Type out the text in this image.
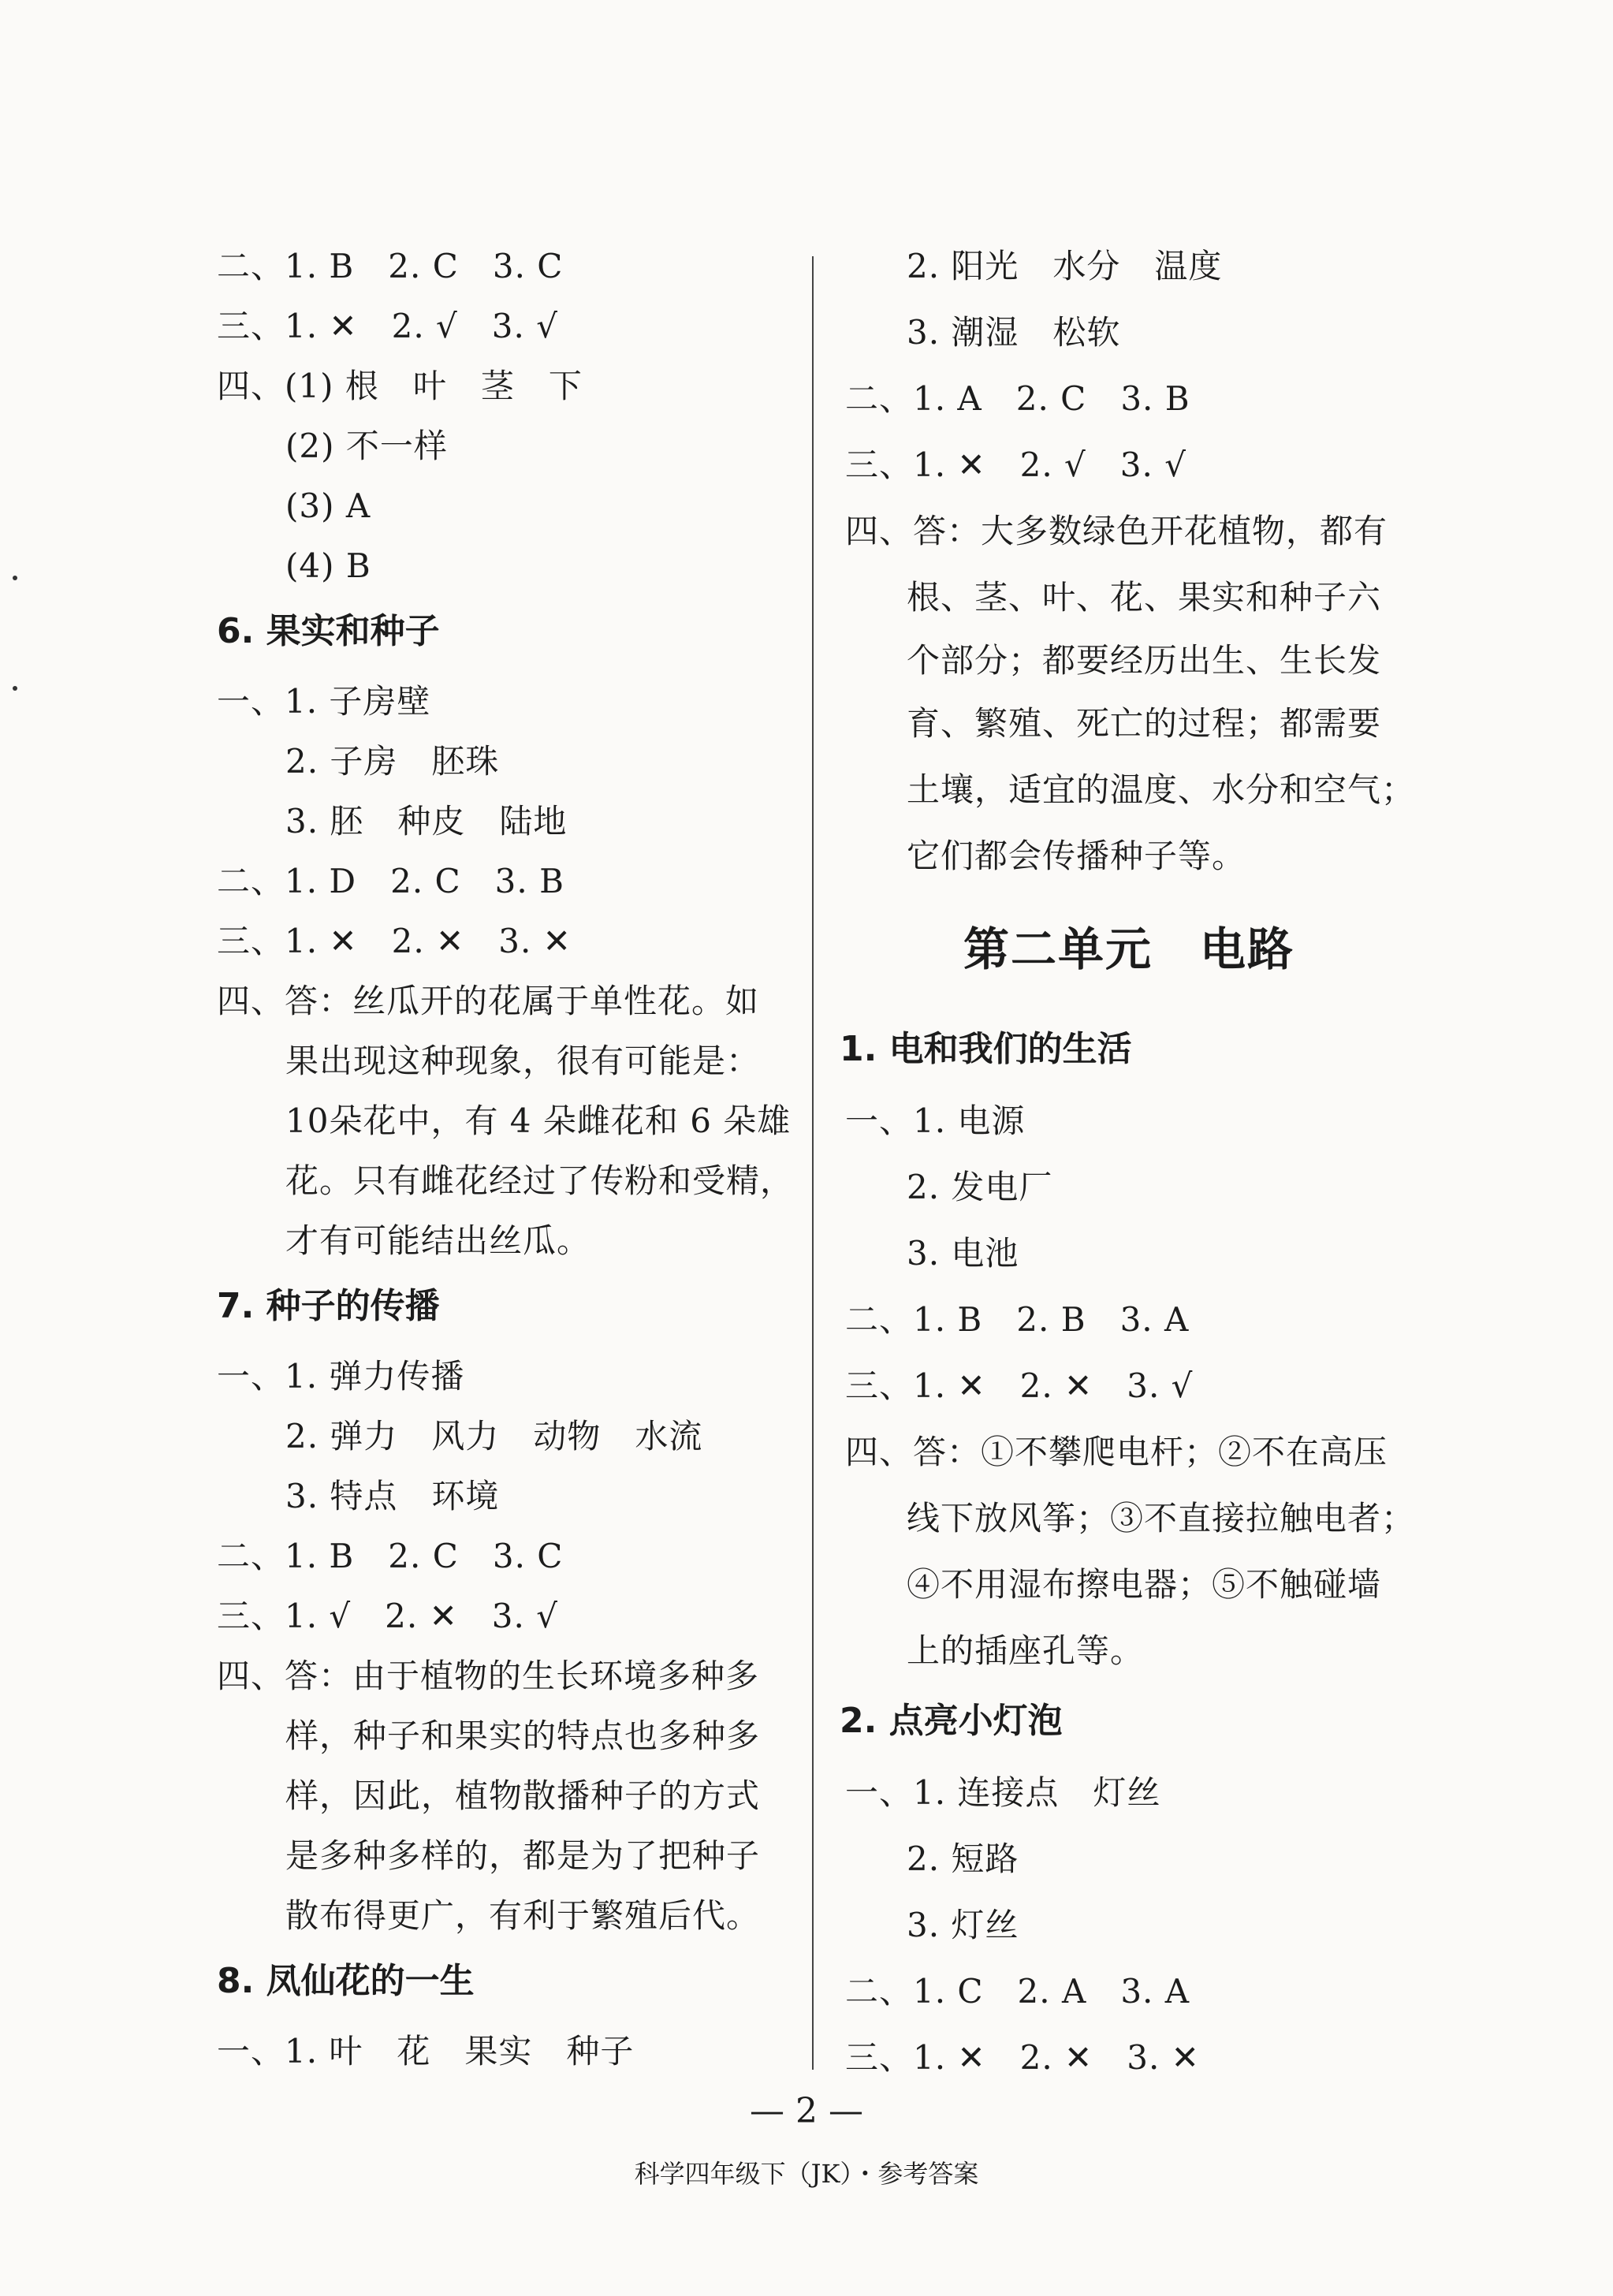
二、1. B　2. C　3. C
三、1. ✕　2. √　3. √
四、(1) 根　叶　茎　下
(2) 不一样
(3) A
(4) B
6. 果实和种子
一、1. 子房壁
2. 子房　胚珠
3. 胚　种皮　陆地
二、1. D　2. C　3. B
三、1. ✕　2. ✕　3. ✕
四、答：丝瓜开的花属于单性花。如
果出现这种现象，很有可能是：
10朵花中，有 4 朵雌花和 6 朵雄
花。只有雌花经过了传粉和受精，
才有可能结出丝瓜。
7. 种子的传播
一、1. 弹力传播
2. 弹力　风力　动物　水流
3. 特点　环境
二、1. B　2. C　3. C
三、1. √　2. ✕　3. √
四、答：由于植物的生长环境多种多
样，种子和果实的特点也多种多
样，因此，植物散播种子的方式
是多种多样的，都是为了把种子
散布得更广，有利于繁殖后代。
8. 凤仙花的一生
一、1. 叶　花　果实　种子
2. 阳光　水分　温度
3. 潮湿　松软
二、1. A　2. C　3. B
三、1. ✕　2. √　3. √
四、答：大多数绿色开花植物，都有
根、茎、叶、花、果实和种子六
个部分；都要经历出生、生长发
育、繁殖、死亡的过程；都需要
土壤，适宜的温度、水分和空气；
它们都会传播种子等。
第二单元　电路
1. 电和我们的生活
一、1. 电源
2. 发电厂
3. 电池
二、1. B　2. B　3. A
三、1. ✕　2. ✕　3. √
四、答：①不攀爬电杆；②不在高压
线下放风筝；③不直接拉触电者；
④不用湿布擦电器；⑤不触碰墙
上的插座孔等。
2. 点亮小灯泡
一、1. 连接点　灯丝
2. 短路
3. 灯丝
二、1. C　2. A　3. A
三、1. ✕　2. ✕　3. ✕
— 2 —
科学四年级下（JK）・参考答案
